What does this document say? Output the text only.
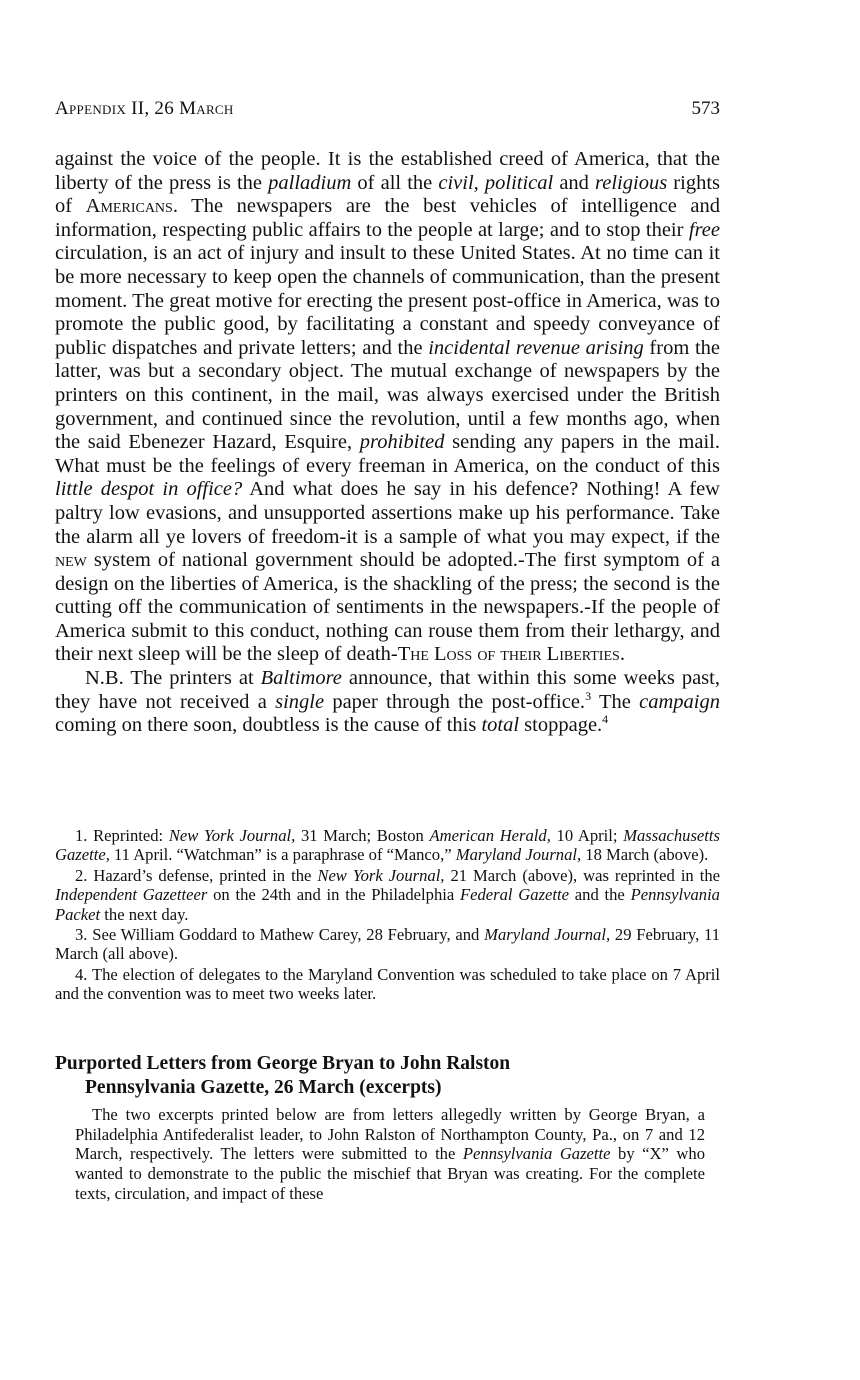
Appendix II, 26 March	573

against the voice of the people. It is the established creed of America, that the liberty of the press is the palladium of all the civil, political and religious rights of Americans. The newspapers are the best vehicles of intelligence and information, respecting public affairs to the people at large; and to stop their free circulation, is an act of injury and insult to these United States. At no time can it be more necessary to keep open the channels of communication, than the present moment. The great motive for erecting the present post-office in America, was to promote the public good, by facilitating a constant and speedy conveyance of public dispatches and private letters; and the incidental revenue arising from the latter, was but a secondary object. The mutual exchange of newspapers by the printers on this continent, in the mail, was always exercised under the British government, and continued since the revolution, until a few months ago, when the said Ebenezer Hazard, Esquire, prohibited sending any papers in the mail. What must be the feelings of every freeman in America, on the conduct of this little despot in office? And what does he say in his defence? Nothing! A few paltry low evasions, and unsupported assertions make up his performance. Take the alarm all ye lovers of freedom-it is a sample of what you may expect, if the new system of national government should be adopted.-The first symptom of a design on the liberties of America, is the shackling of the press; the second is the cutting off the communication of sentiments in the newspapers.-If the people of America submit to this conduct, nothing can rouse them from their lethargy, and their next sleep will be the sleep of death-The Loss of their Liberties.

N.B. The printers at Baltimore announce, that within this some weeks past, they have not received a single paper through the post-office.$^3$ The campaign coming on there soon, doubtless is the cause of this total stoppage.$^4$

1. Reprinted: New York Journal, 31 March; Boston American Herald, 10 April; Massachusetts Gazette, 11 April. “Watchman” is a paraphrase of “Manco,” Maryland Journal, 18 March (above).

2. Hazard’s defense, printed in the New York Journal, 21 March (above), was reprinted in the Independent Gazetteer on the 24th and in the Philadelphia Federal Gazette and the Pennsylvania Packet the next day.

3. See William Goddard to Mathew Carey, 28 February, and Maryland Journal, 29 February, 11 March (all above).

4. The election of delegates to the Maryland Convention was scheduled to take place on 7 April and the convention was to meet two weeks later.

Purported Letters from George Bryan to John Ralston
Pennsylvania Gazette, 26 March (excerpts)

The two excerpts printed below are from letters allegedly written by George Bryan, a Philadelphia Antifederalist leader, to John Ralston of Northampton County, Pa., on 7 and 12 March, respectively. The letters were submitted to the Pennsylvania Gazette by “X” who wanted to demonstrate to the public the mischief that Bryan was creating. For the complete texts, circulation, and impact of these
